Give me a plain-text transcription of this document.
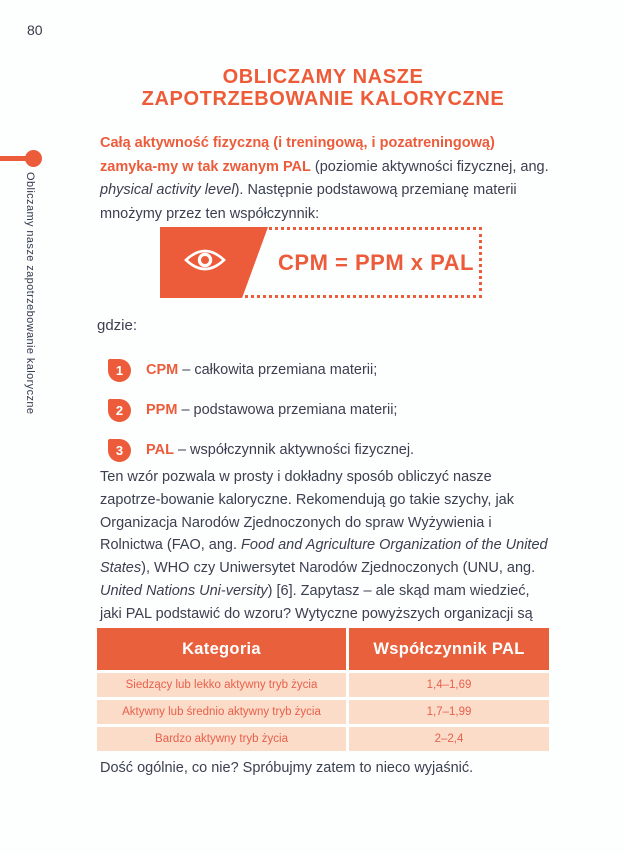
80
Obliczamy nasze zapotrzebowanie kaloryczne
OBLICZAMY NASZE
ZAPOTRZEBOWANIE KALORYCZNE

Całą aktywność fizyczną (i treningową, i pozatreningową) zamyka-my w tak zwanym PAL (poziomie aktywności fizycznej, ang. physical activity level). Następnie podstawową przemianę materii mnożymy przez ten współczynnik:

CPM = PPM x PAL
gdzie:
1	CPM – całkowita przemiana materii;
2	PPM – podstawowa przemiana materii;
3	PAL – współczynnik aktywności fizycznej.

Ten wzór pozwala w prosty i dokładny sposób obliczyć nasze zapotrze-bowanie kaloryczne. Rekomendują go takie szychy, jak Organizacja Narodów Zjednoczonych do spraw Wyżywienia i Rolnictwa (FAO, ang. Food and Agriculture Organization of the United States), WHO czy Uniwersytet Narodów Zjednoczonych (UNU, ang. United Nations Uni-versity) [6]. Zapytasz – ale skąd mam wiedzieć, jaki PAL podstawić do wzoru? Wytyczne powyższych organizacji są

Kategoria	Współczynnik PAL
Siedzący lub lekko aktywny tryb życia	1,4–1,69
Aktywny lub średnio aktywny tryb życia	1,7–1,99
Bardzo aktywny tryb życia	2–2,4

Dość ogólnie, co nie? Spróbujmy zatem to nieco wyjaśnić.
